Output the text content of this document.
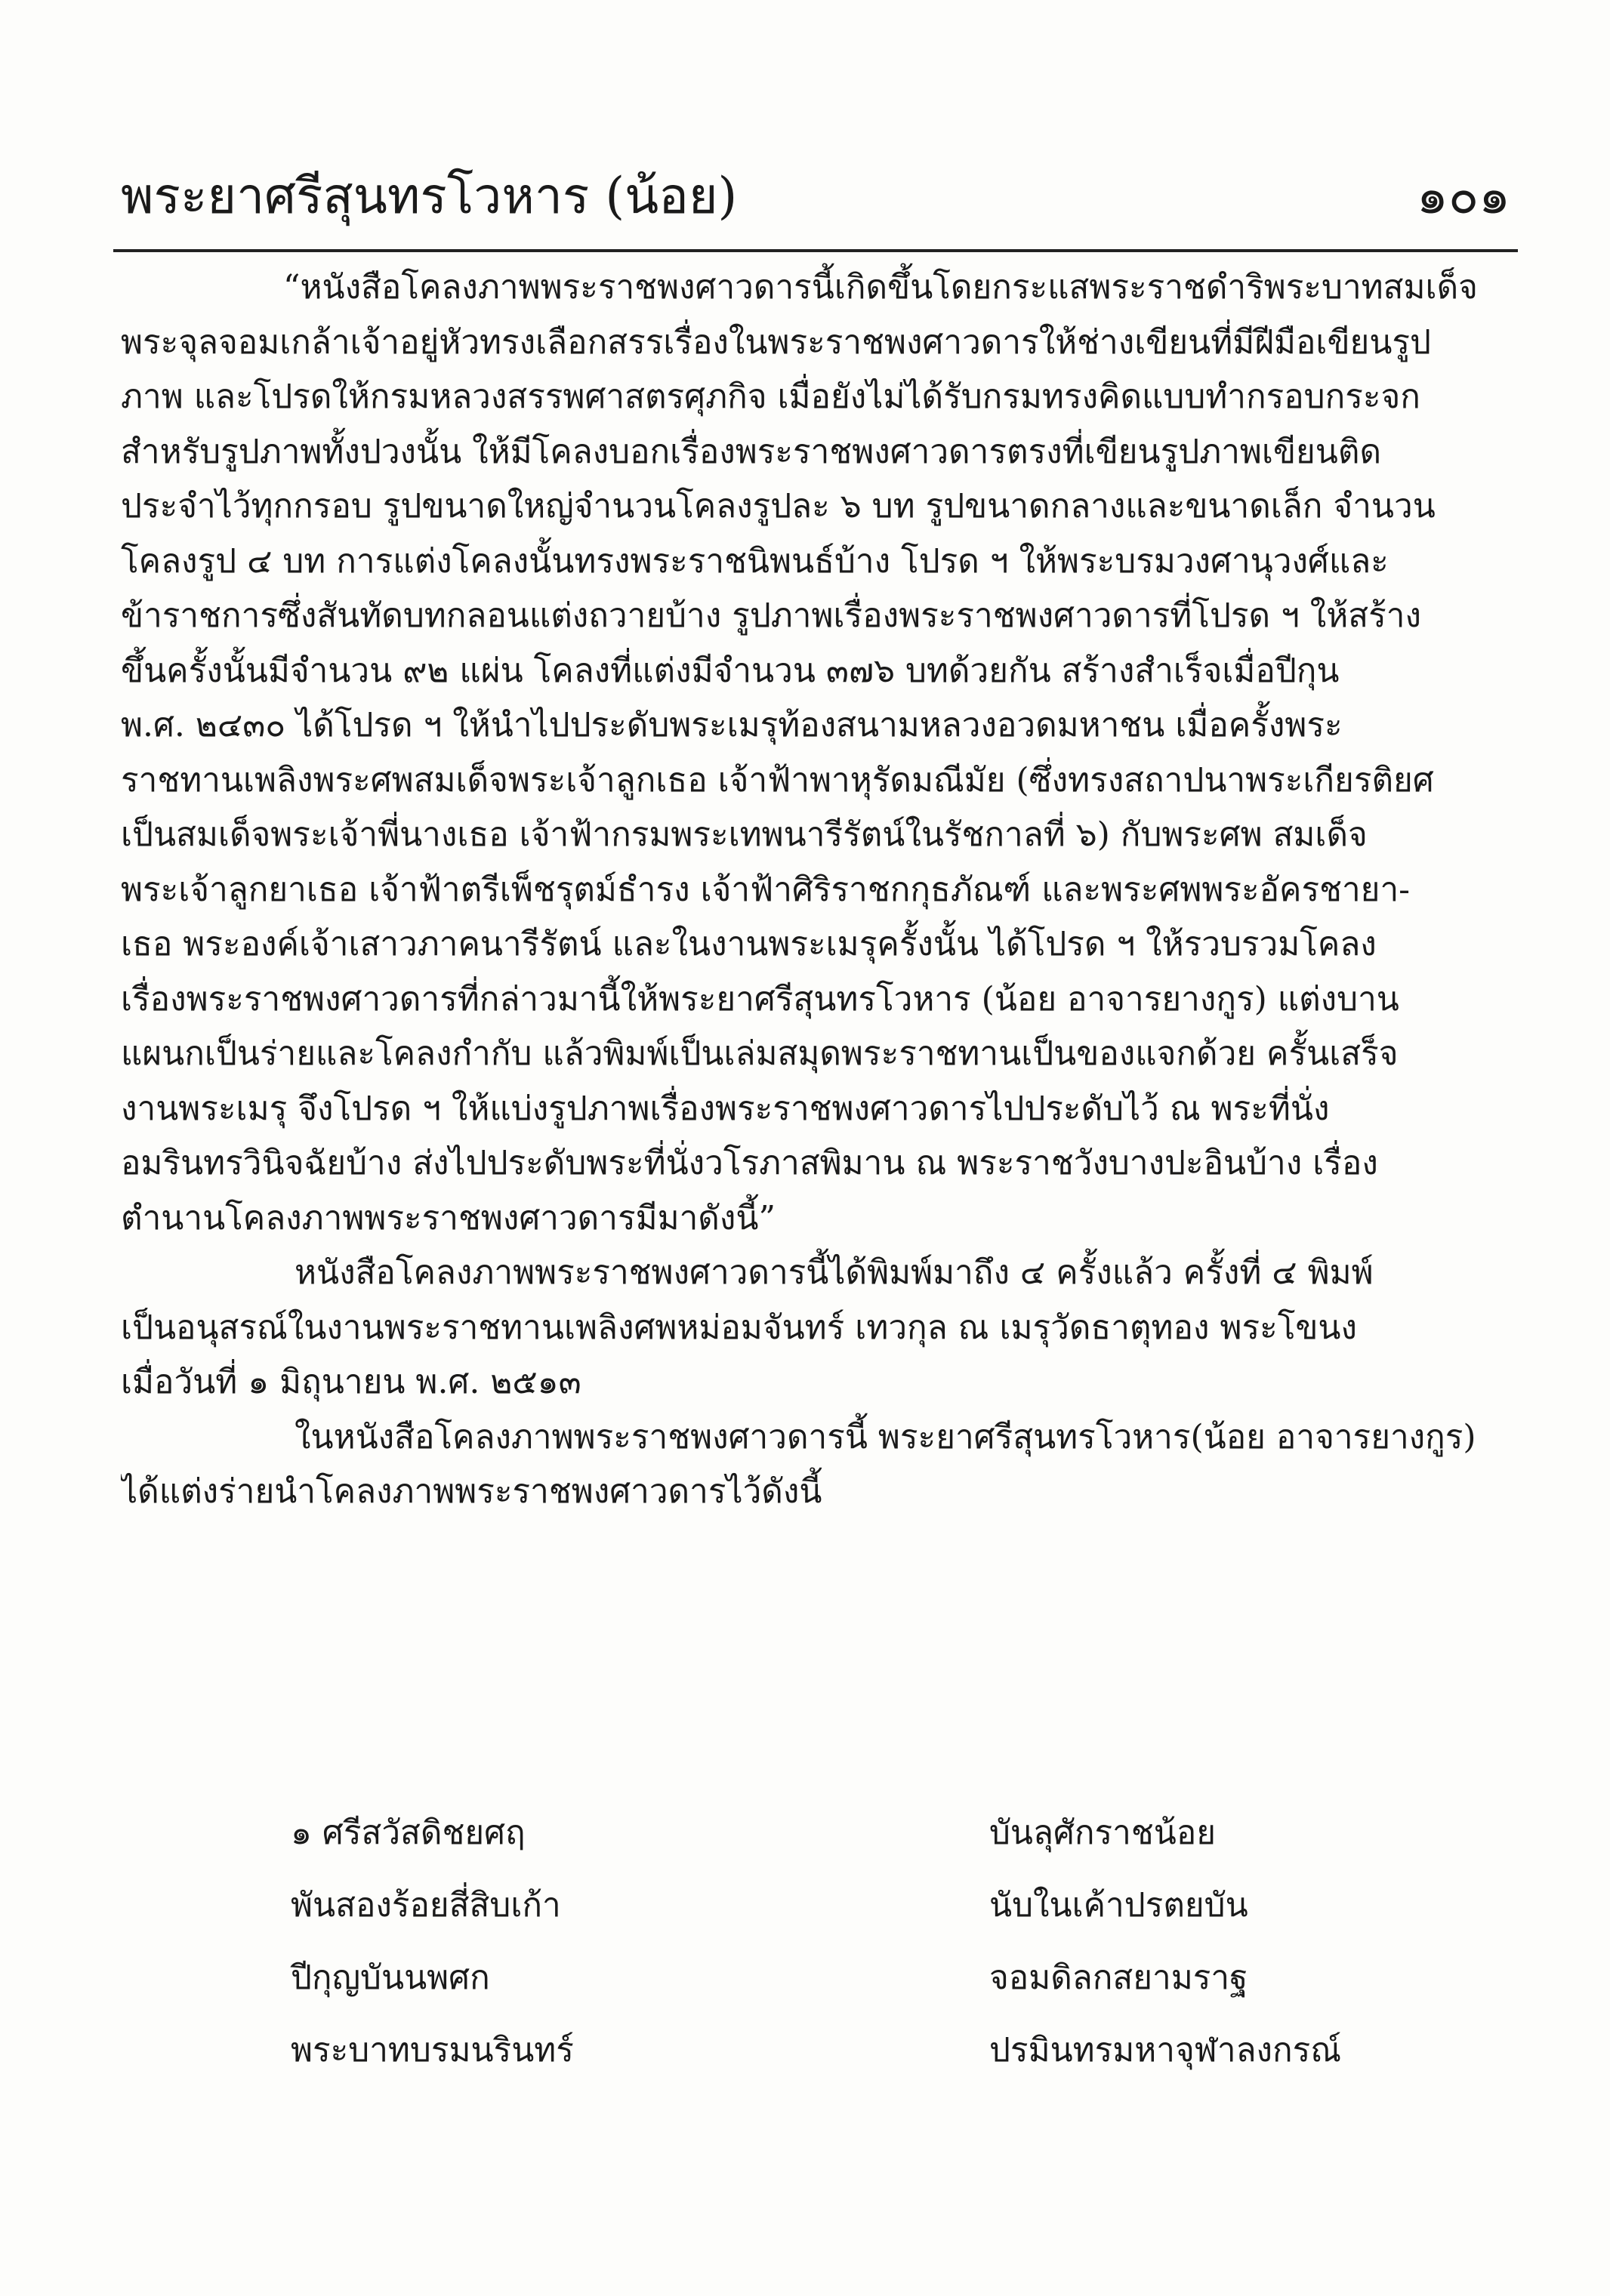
พระยาศรีสุนทรโวหาร (น้อย)	๑๐๑
“หนังสือโคลงภาพพระราชพงศาวดารนี้เกิดขึ้นโดยกระแสพระราชดำริพระบาทสมเด็จ
พระจุลจอมเกล้าเจ้าอยู่หัวทรงเลือกสรรเรื่องในพระราชพงศาวดารให้ช่างเขียนที่มีฝีมือเขียนรูป
ภาพ และโปรดให้กรมหลวงสรรพศาสตรศุภกิจ เมื่อยังไม่ได้รับกรมทรงคิดแบบทำกรอบกระจก
สำหรับรูปภาพทั้งปวงนั้น ให้มีโคลงบอกเรื่องพระราชพงศาวดารตรงที่เขียนรูปภาพเขียนติด
ประจำไว้ทุกกรอบ รูปขนาดใหญ่จำนวนโคลงรูปละ ๖ บท รูปขนาดกลางและขนาดเล็ก จำนวน
โคลงรูป ๔ บท การแต่งโคลงนั้นทรงพระราชนิพนธ์บ้าง โปรด ฯ ให้พระบรมวงศานุวงศ์และ
ข้าราชการซึ่งสันทัดบทกลอนแต่งถวายบ้าง รูปภาพเรื่องพระราชพงศาวดารที่โปรด ฯ ให้สร้าง
ขึ้นครั้งนั้นมีจำนวน ๙๒ แผ่น โคลงที่แต่งมีจำนวน ๓๗๖ บทด้วยกัน สร้างสำเร็จเมื่อปีกุน
พ.ศ. ๒๔๓๐ ได้โปรด ฯ ให้นำไปประดับพระเมรุท้องสนามหลวงอวดมหาชน เมื่อครั้งพระ
ราชทานเพลิงพระศพสมเด็จพระเจ้าลูกเธอ เจ้าฟ้าพาหุรัดมณีมัย (ซึ่งทรงสถาปนาพระเกียรติยศ
เป็นสมเด็จพระเจ้าพี่นางเธอ เจ้าฟ้ากรมพระเทพนารีรัตน์ในรัชกาลที่ ๖) กับพระศพ สมเด็จ
พระเจ้าลูกยาเธอ เจ้าฟ้าตรีเพ็ชรุตม์ธำรง เจ้าฟ้าศิริราชกกุธภัณฑ์ และพระศพพระอัครชายา-
เธอ พระองค์เจ้าเสาวภาคนารีรัตน์ และในงานพระเมรุครั้งนั้น ได้โปรด ฯ ให้รวบรวมโคลง
เรื่องพระราชพงศาวดารที่กล่าวมานี้ให้พระยาศรีสุนทรโวหาร (น้อย อาจารยางกูร) แต่งบาน
แผนกเป็นร่ายและโคลงกำกับ แล้วพิมพ์เป็นเล่มสมุดพระราชทานเป็นของแจกด้วย ครั้นเสร็จ
งานพระเมรุ จึงโปรด ฯ ให้แบ่งรูปภาพเรื่องพระราชพงศาวดารไปประดับไว้ ณ พระที่นั่ง
อมรินทรวินิจฉัยบ้าง ส่งไปประดับพระที่นั่งวโรภาสพิมาน ณ พระราชวังบางปะอินบ้าง เรื่อง
ตำนานโคลงภาพพระราชพงศาวดารมีมาดังนี้”
หนังสือโคลงภาพพระราชพงศาวดารนี้ได้พิมพ์มาถึง ๔ ครั้งแล้ว ครั้งที่ ๔ พิมพ์
เป็นอนุสรณ์ในงานพระราชทานเพลิงศพหม่อมจันทร์ เทวกุล ณ เมรุวัดธาตุทอง พระโขนง
เมื่อวันที่ ๑ มิถุนายน พ.ศ. ๒๕๑๓
ในหนังสือโคลงภาพพระราชพงศาวดารนี้ พระยาศรีสุนทรโวหาร(น้อย อาจารยางกูร)
ได้แต่งร่ายนำโคลงภาพพระราชพงศาวดารไว้ดังนี้
๑ ศรีสวัสดิชยศฤ	บันลุศักราชน้อย
พันสองร้อยสี่สิบเก้า	นับในเค้าปรตยบัน
ปีกุญบันนพศก	จอมดิลกสยามราฐ
พระบาทบรมนรินทร์	ปรมินทรมหาจุฬาลงกรณ์
